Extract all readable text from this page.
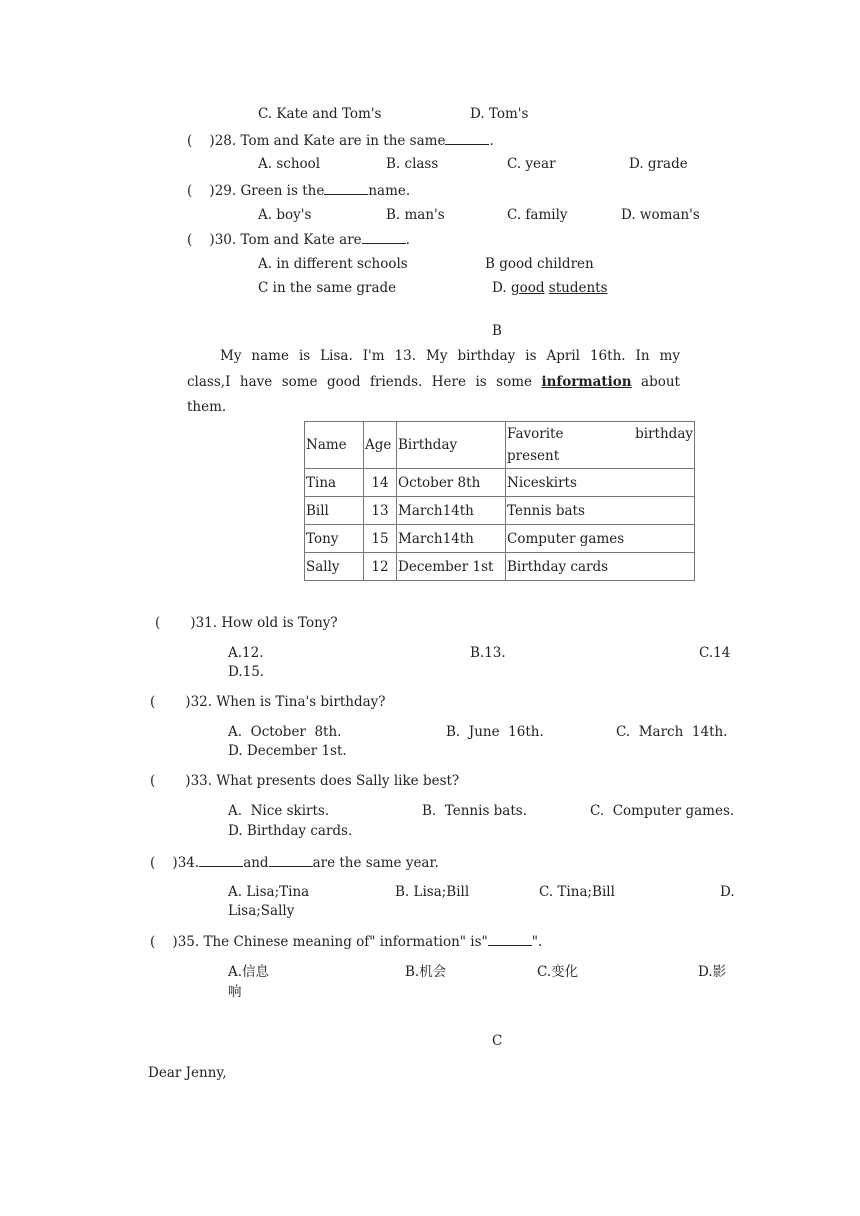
C. Kate and Tom's	D. Tom's
(    )28. Tom and Kate are in the same	.
A. school	B. class	C. year	D. grade
(    )29. Green is the	name.
A. boy's	B. man's	C. family	D. woman's
(    )30. Tom and Kate are	.
A. in different schools	B good children
C in the same grade	D. good students
B
My name is Lisa. I'm 13. My birthday is April 16th. In my
class,I have some good friends. Here is some information about
them.
Name	Age	Birthday	Favorite birthday
present

Tina	14	October 8th	Niceskirts
Bill	13	March14th	Tennis bats
Tony	15	March14th	Computer games
Sally	12	December 1st	Birthday cards
(       )31. How old is Tony?
A.12.	B.13.	C.14
D.15.
(       )32. When is Tina's birthday?
A.  October  8th.	B.  June  16th.	C.  March  14th.
D. December 1st.
(       )33. What presents does Sally like best?
A.  Nice skirts.	B.  Tennis bats.	C.  Computer games.
D. Birthday cards.
(    )34.	and	are the same year.
A. Lisa;Tina	B. Lisa;Bill	C. Tina;Bill	D.
Lisa;Sally
(    )35. The Chinese meaning of" information" is"	".
A.信息	B.机会	C.变化	D.影
响
C
Dear Jenny,
